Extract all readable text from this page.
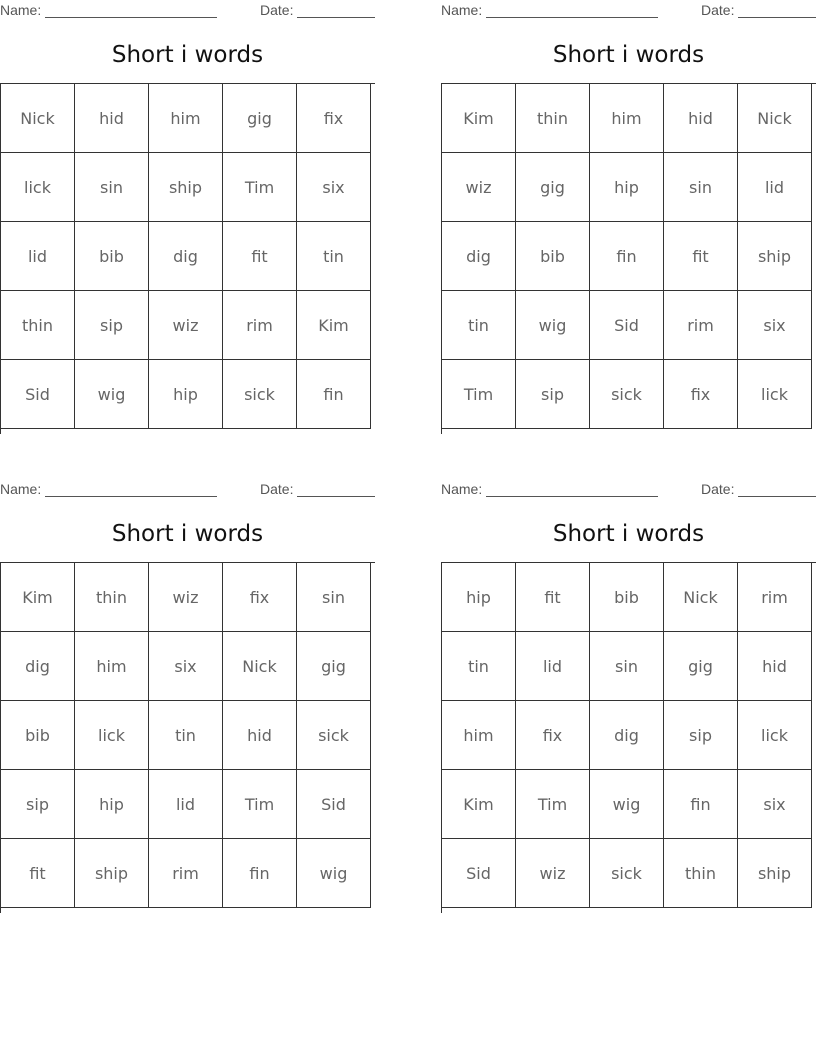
Name:	Date:
Short i words
Nick	hid	him	gig	fix
lick	sin	ship	Tim	six
lid	bib	dig	fit	tin
thin	sip	wiz	rim	Kim
Sid	wig	hip	sick	fin
Name:	Date:
Short i words
Kim	thin	him	hid	Nick
wiz	gig	hip	sin	lid
dig	bib	fin	fit	ship
tin	wig	Sid	rim	six
Tim	sip	sick	fix	lick
Name:	Date:
Short i words
Kim	thin	wiz	fix	sin
dig	him	six	Nick	gig
bib	lick	tin	hid	sick
sip	hip	lid	Tim	Sid
fit	ship	rim	fin	wig
Name:	Date:
Short i words
hip	fit	bib	Nick	rim
tin	lid	sin	gig	hid
him	fix	dig	sip	lick
Kim	Tim	wig	fin	six
Sid	wiz	sick	thin	ship
